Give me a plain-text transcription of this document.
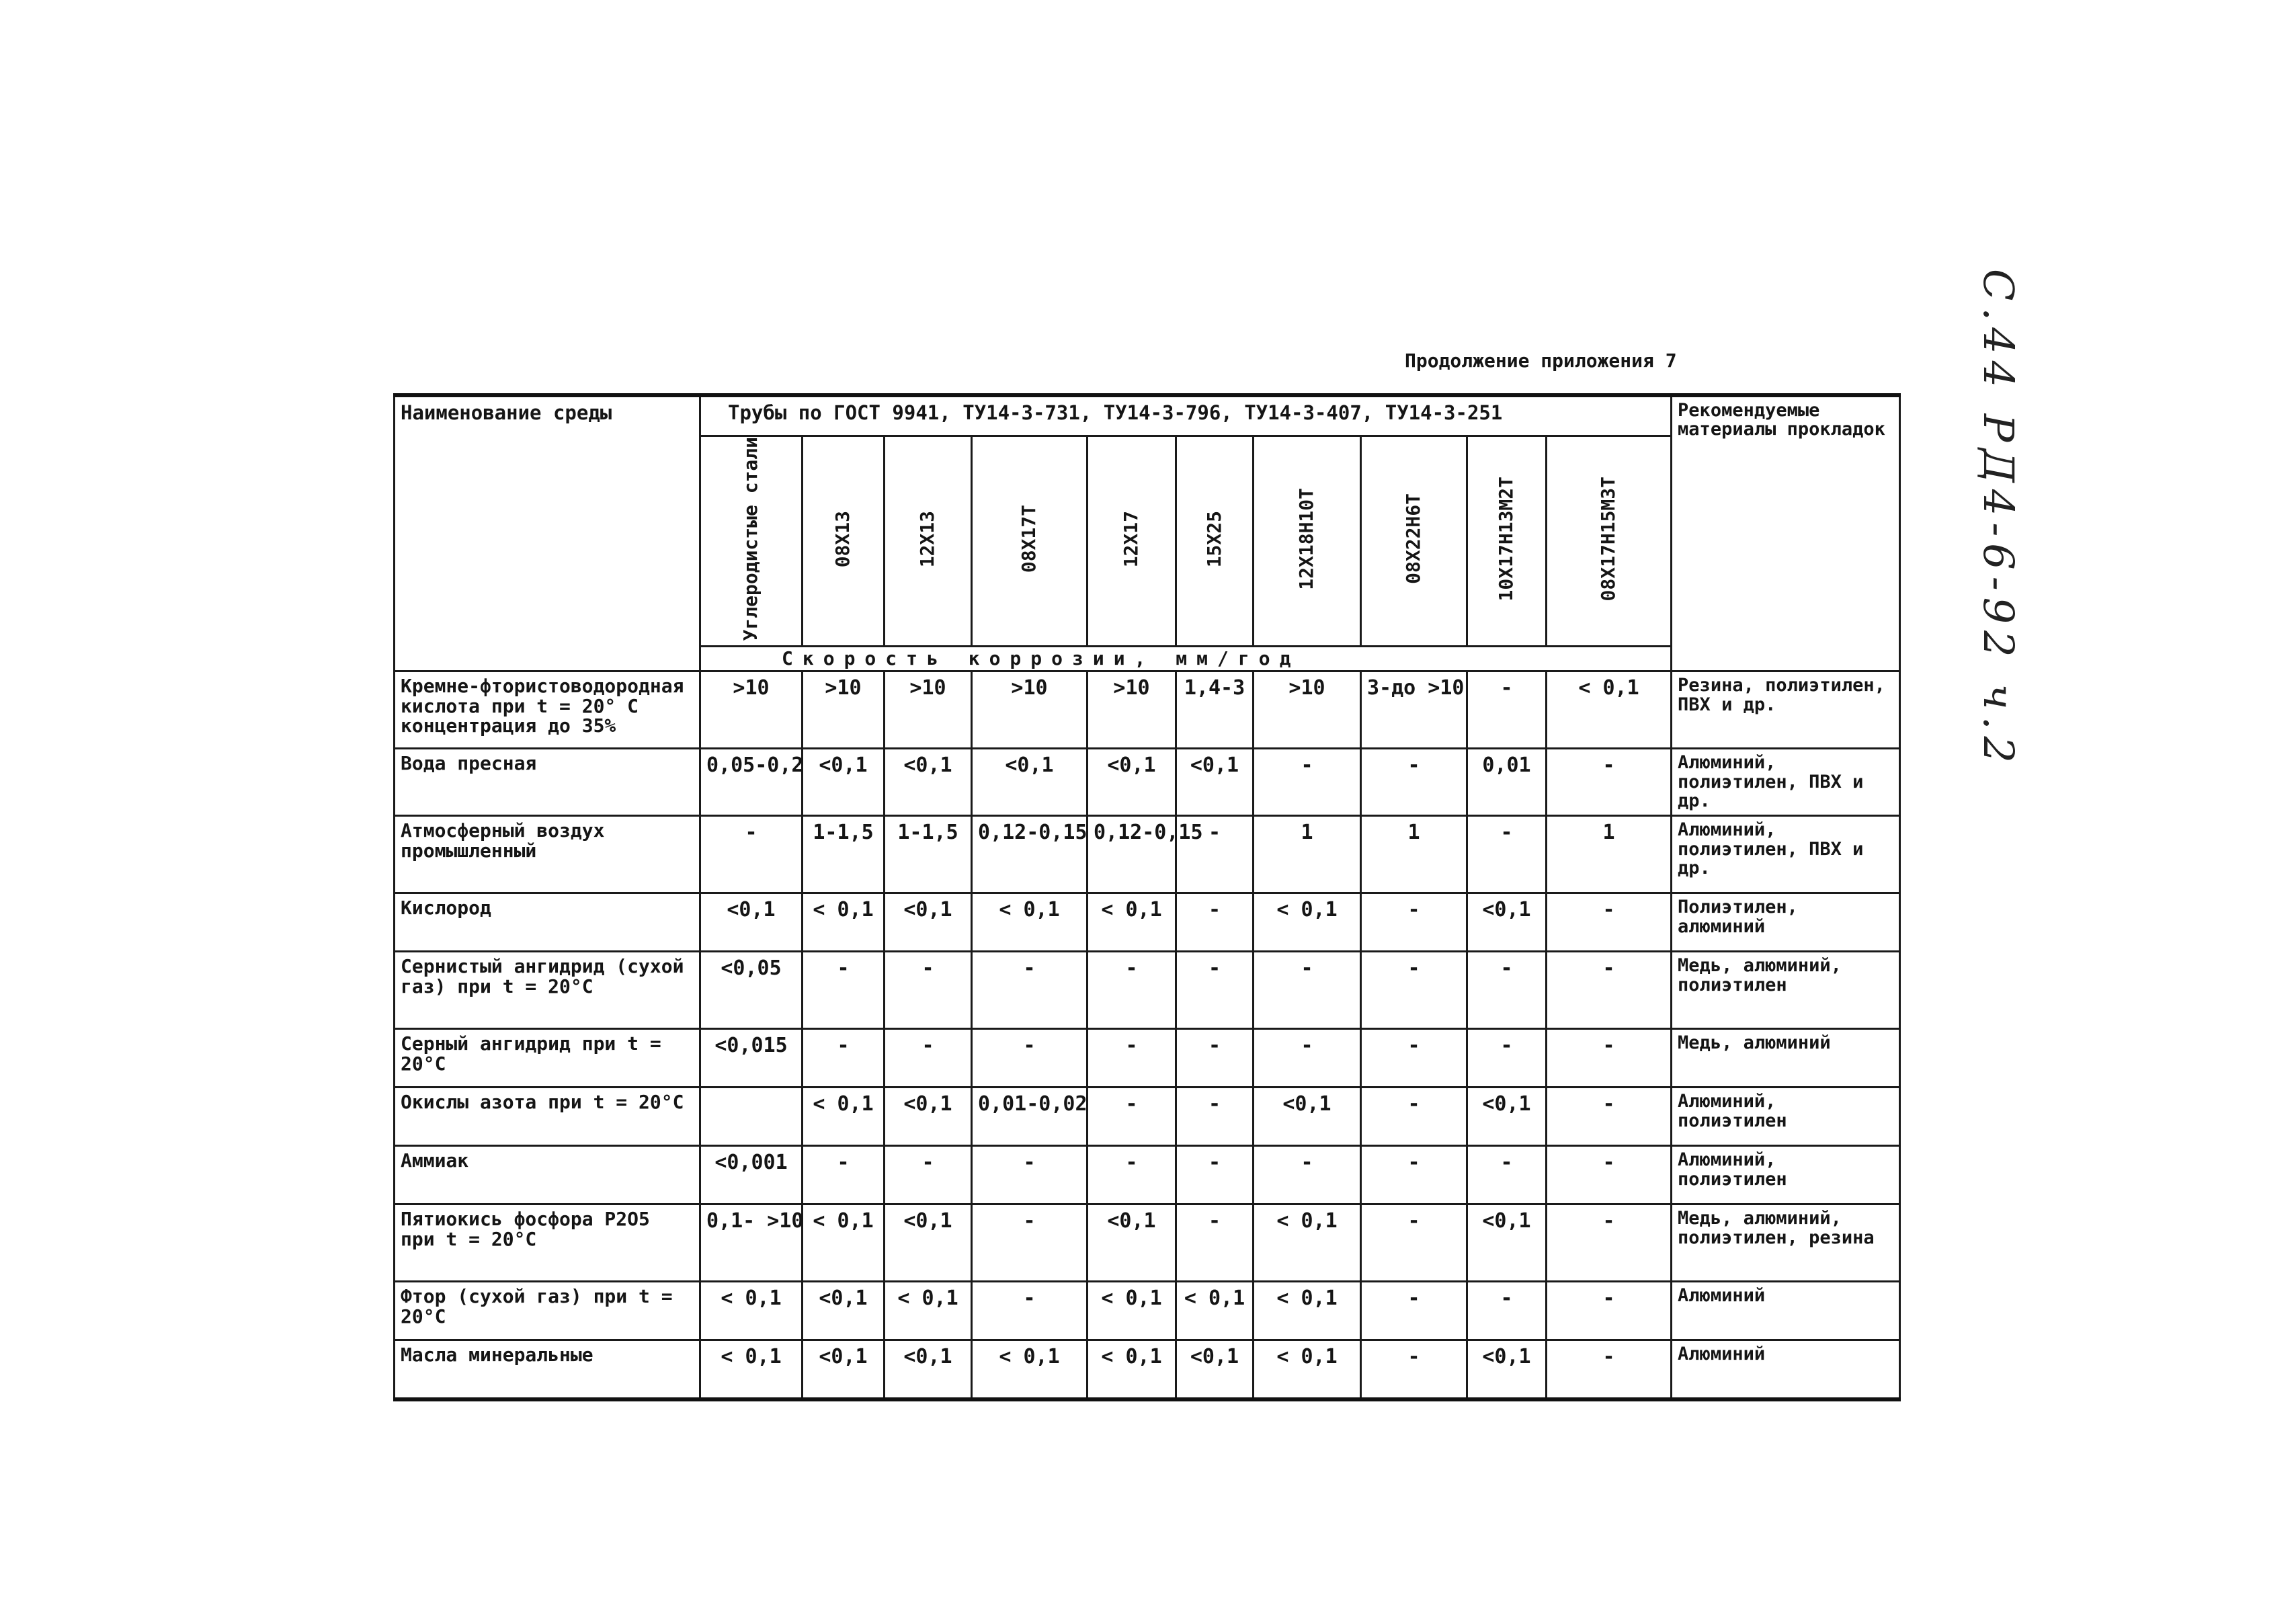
С.44 РД4-6-92 ч.2
Продолжение приложения 7
Наименование среды	Трубы по ГОСТ 9941, ТУ14-3-731, ТУ14-3-796, ТУ14-3-407, ТУ14-3-251										Рекомендуемые материалы прокладок
	Углеродистые стали	08Х13	12Х13	08Х17Т	12Х17	15Х25	12Х18Н10Т	08Х22Н6Т	10Х17Н13М2Т	08Х17Н15М3Т	
	Скорость коррозии, мм/год										
Кремне-фтористоводородная кислота при t = 20° С концентрация до 35%	>10	>10	>10	>10	>10	1,4-3	>10	3-до >10	-	< 0,1	Резина, полиэтилен, ПВХ и др.
Вода пресная	0,05-0,2	<0,1	<0,1	<0,1	<0,1	<0,1	-	-	0,01	-	Алюминий, полиэтилен, ПВХ и др.
Атмосферный воздух промышленный	-	1-1,5	1-1,5	0,12-0,15	0,12-0,15	-	1	1	-	1	Алюминий, полиэтилен, ПВХ и др.
Кислород	<0,1	< 0,1	<0,1	< 0,1	< 0,1	-	< 0,1	-	<0,1	-	Полиэтилен, алюминий
Сернистый ангидрид (сухой газ) при t = 20°С	<0,05	-	-	-	-	-	-	-	-	-	Медь, алюминий, полиэтилен
Серный ангидрид при t = 20°С	<0,015	-	-	-	-	-	-	-	-	-	Медь, алюминий
Окислы азота при t = 20°С		< 0,1	<0,1	0,01-0,02	-	-	<0,1	-	<0,1	-	Алюминий, полиэтилен
Аммиак	<0,001	-	-	-	-	-	-	-	-	-	Алюминий, полиэтилен
Пятиокись фосфора P2O5 при t = 20°С	0,1- >10	< 0,1	<0,1	-	<0,1	-	< 0,1	-	<0,1	-	Медь, алюминий, полиэтилен, резина
Фтор (сухой газ) при t = 20°С	< 0,1	<0,1	< 0,1	-	< 0,1	< 0,1	< 0,1	-	-	-	Алюминий
Масла минеральные	< 0,1	<0,1	<0,1	< 0,1	< 0,1	<0,1	< 0,1	-	<0,1	-	Алюминий
